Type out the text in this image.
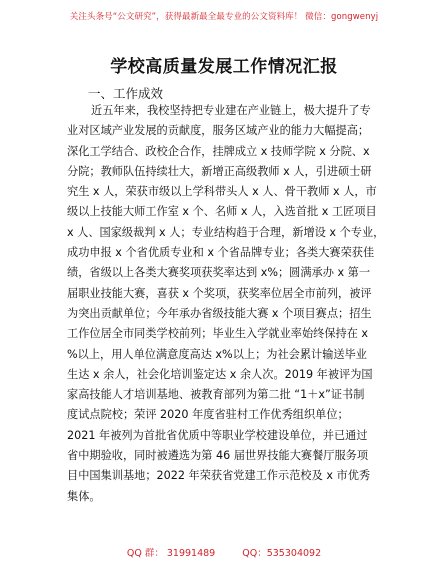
关注头条号“公文研究”，获得最新最全最专业的公文资料库！ 微信：gongwenyj
学校高质量发展工作情况汇报
一、工作成效
近五年来，我校坚持把专业建在产业链上，极大提升了专
业对区域产业发展的贡献度，服务区域产业的能力大幅提高；
深化工学结合、政校企合作，挂牌成立 x 技师学院 x 分院、x
分院；教师队伍持续壮大，新增正高级教师 x 人，引进硕士研
究生 x 人，荣获市级以上学科带头人 x 人、骨干教师 x 人，市
级以上技能大师工作室 x 个、名师 x 人，入选首批 x 工匠项目
x 人、国家级裁判 x 人；专业结构趋于合理，新增设 x 个专业，
成功申报 x 个省优质专业和 x 个省品牌专业；各类大赛荣获佳
绩，省级以上各类大赛奖项获奖率达到 x%；圆满承办 x 第一
届职业技能大赛，喜获 x 个奖项，获奖率位居全市前列，被评
为突出贡献单位；今年承办省级技能大赛 x 个项目赛点；招生
工作位居全市同类学校前列；毕业生入学就业率始终保持在 x
%以上，用人单位满意度高达 x%以上；为社会累计输送毕业
生达 x 余人，社会化培训鉴定达 x 余人次。2019 年被评为国
家高技能人才培训基地、被教育部列为第二批 “1＋x”证书制
度试点院校；荣评 2020 年度省驻村工作优秀组织单位；
2021 年被列为首批省优质中等职业学校建设单位，并已通过
省中期验收，同时被遴选为第 46 届世界技能大赛餐厅服务项
目中国集训基地；2022 年荣获省党建工作示范校及 x 市优秀
集体。
QQ 群： 31991489	QQ：535304092
